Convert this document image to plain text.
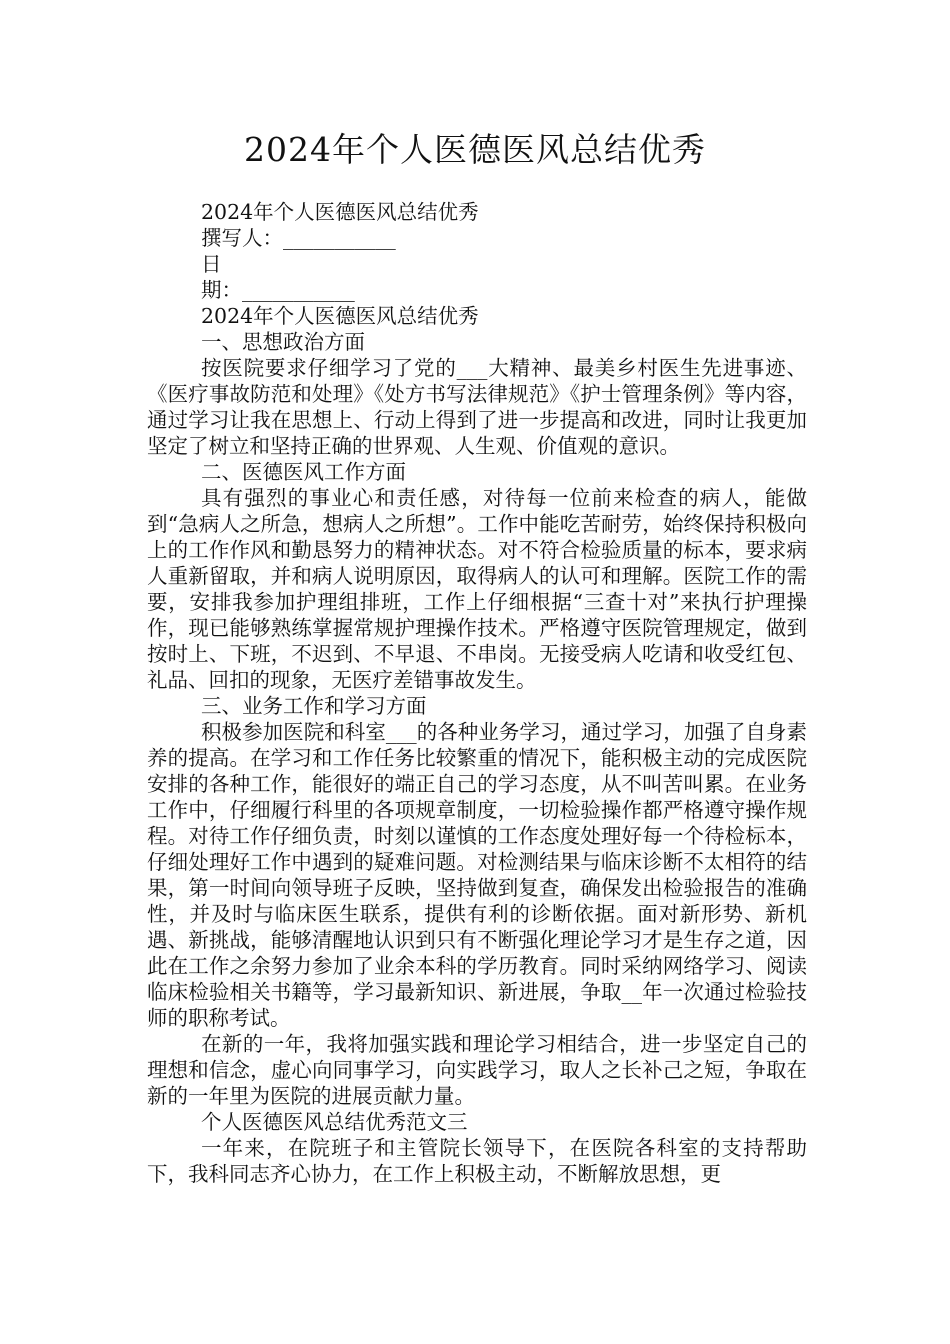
2024年个人医德医风总结优秀
2024年个人医德医风总结优秀
撰写人：___________
日
期：___________
2024年个人医德医风总结优秀
一、思想政治方面

按医院要求仔细学习了党的___大精神、最美乡村医生先进事迹、《医疗事故防范和处理》《处方书写法律规范》《护士管理条例》等内容，通过学习让我在思想上、行动上得到了进一步提高和改进，同时让我更加坚定了树立和坚持正确的世界观、人生观、价值观的意识。

二、医德医风工作方面

具有强烈的事业心和责任感，对待每一位前来检查的病人，能做到“急病人之所急，想病人之所想”。工作中能吃苦耐劳，始终保持积极向上的工作作风和勤恳努力的精神状态。对不符合检验质量的标本，要求病人重新留取，并和病人说明原因，取得病人的认可和理解。医院工作的需要，安排我参加护理组排班，工作上仔细根据“三查十对”来执行护理操作，现已能够熟练掌握常规护理操作技术。严格遵守医院管理规定，做到按时上、下班，不迟到、不早退、不串岗。无接受病人吃请和收受红包、礼品、回扣的现象，无医疗差错事故发生。

三、业务工作和学习方面

积极参加医院和科室___的各种业务学习，通过学习，加强了自身素养的提高。在学习和工作任务比较繁重的情况下，能积极主动的完成医院安排的各种工作，能很好的端正自己的学习态度，从不叫苦叫累。在业务工作中，仔细履行科里的各项规章制度，一切检验操作都严格遵守操作规程。对待工作仔细负责，时刻以谨慎的工作态度处理好每一个待检标本，仔细处理好工作中遇到的疑难问题。对检测结果与临床诊断不太相符的结果，第一时间向领导班子反映，坚持做到复查，确保发出检验报告的准确性，并及时与临床医生联系，提供有利的诊断依据。面对新形势、新机遇、新挑战，能够清醒地认识到只有不断强化理论学习才是生存之道，因此在工作之余努力参加了业余本科的学历教育。同时采纳网络学习、阅读临床检验相关书籍等，学习最新知识、新进展，争取__年一次通过检验技师的职称考试。

在新的一年，我将加强实践和理论学习相结合，进一步坚定自己的理想和信念，虚心向同事学习，向实践学习，取人之长补己之短，争取在新的一年里为医院的进展贡献力量。

个人医德医风总结优秀范文三

一年来，在院班子和主管院长领导下，在医院各科室的支持帮助下，我科同志齐心协力，在工作上积极主动，不断解放思想，更
